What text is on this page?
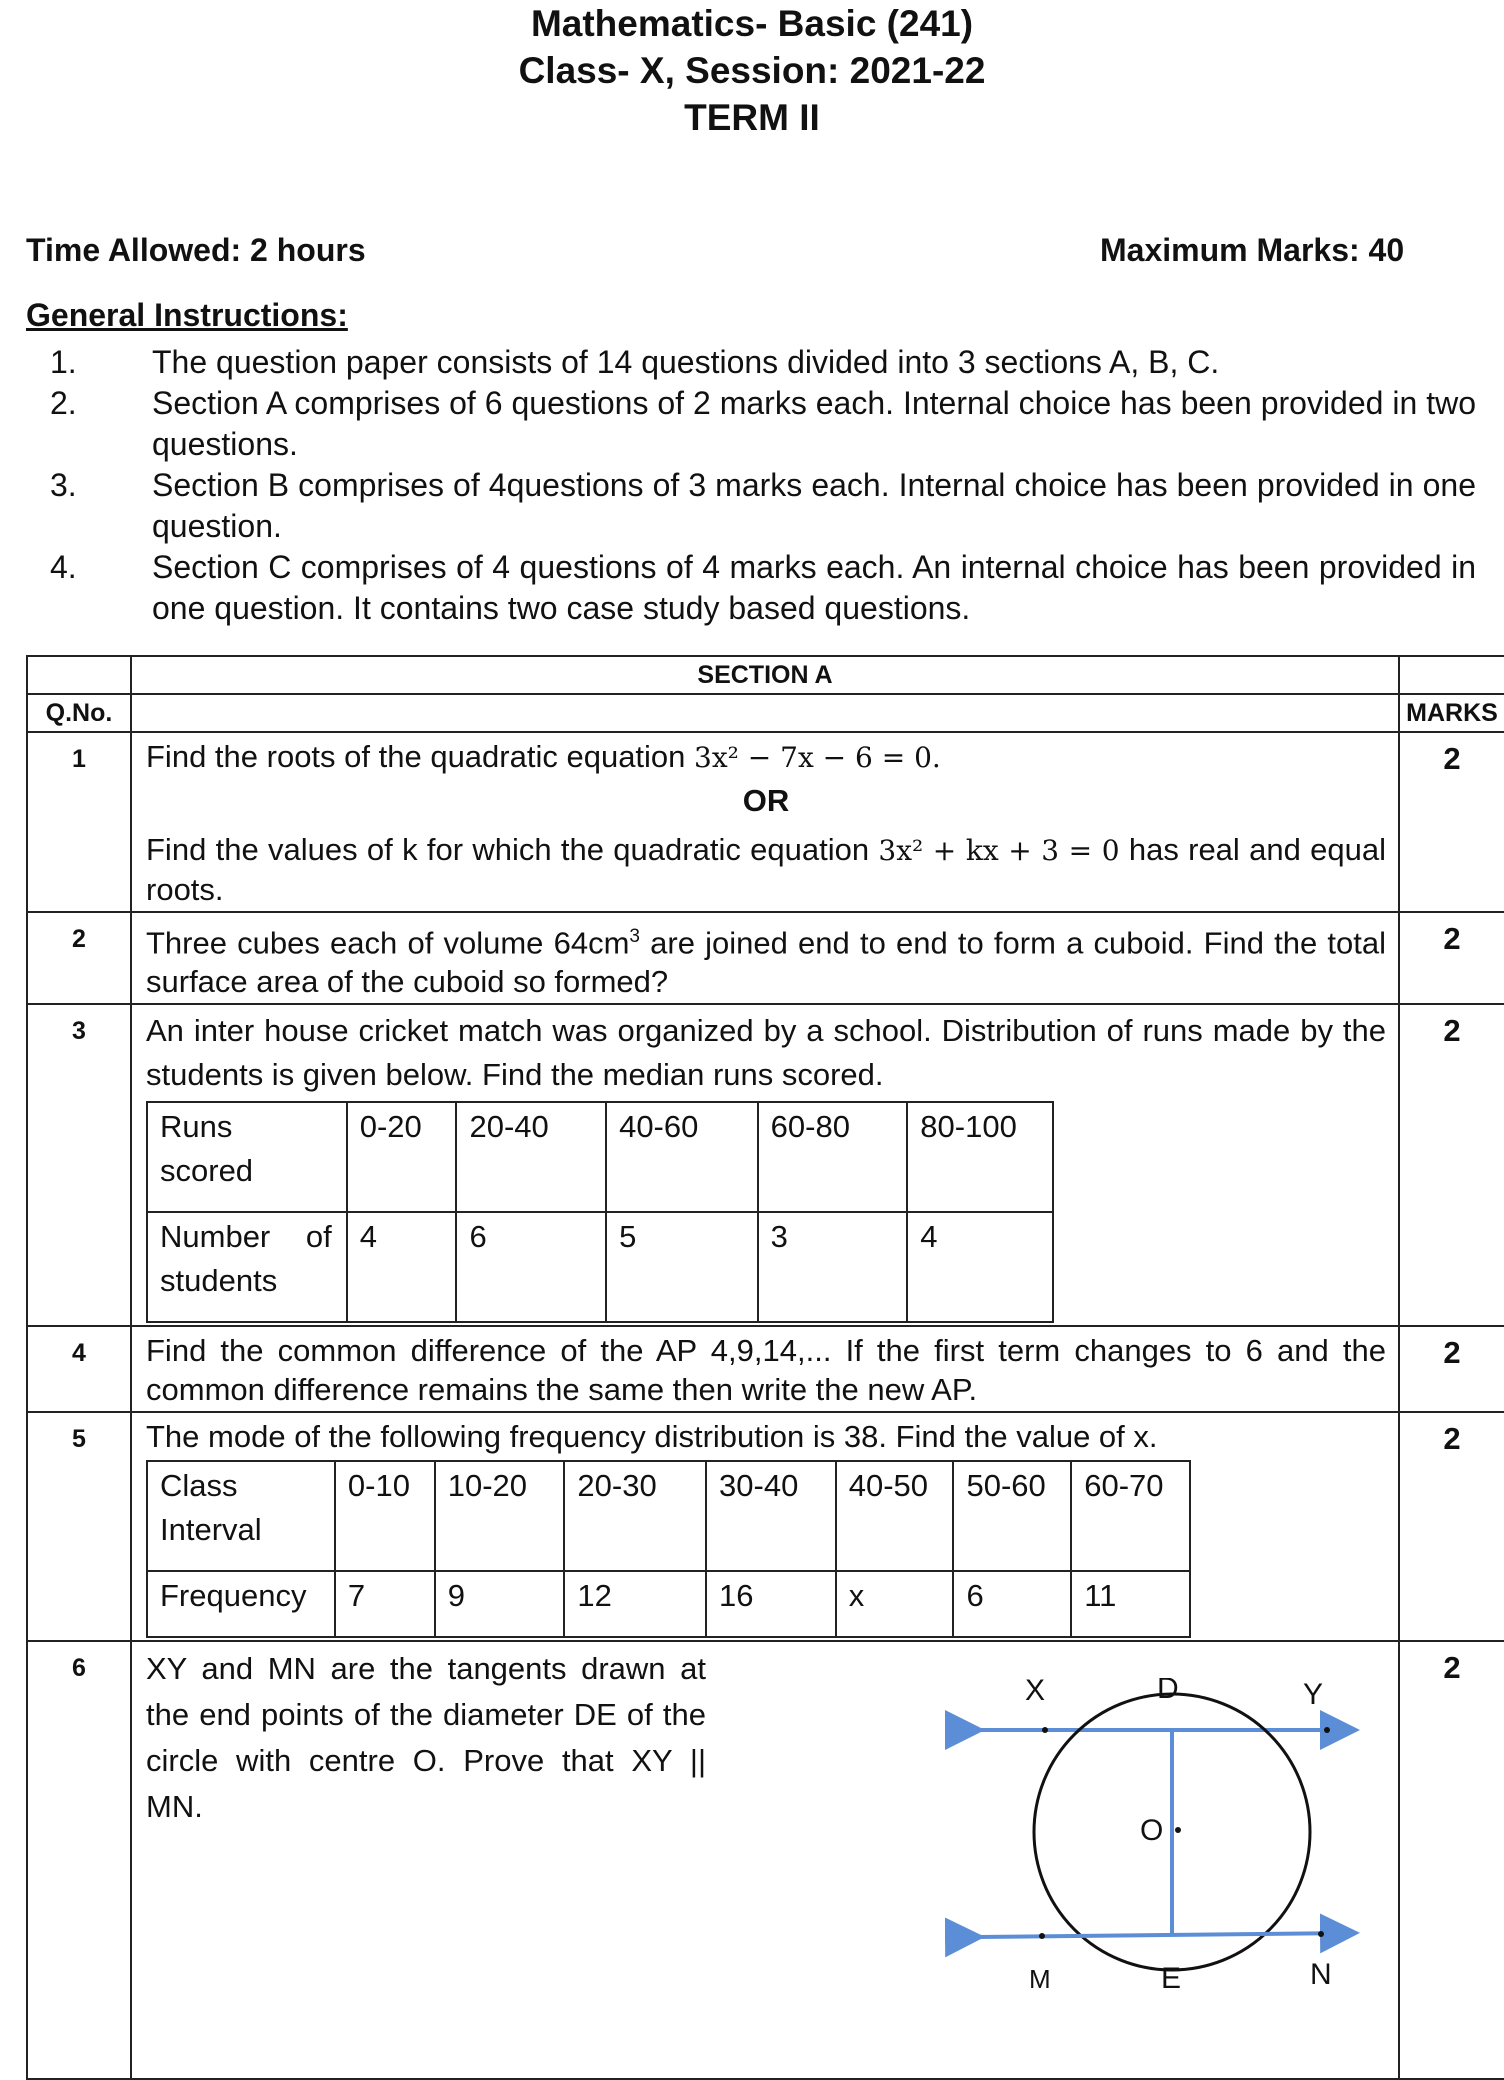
Mathematics- Basic (241)
Class- X, Session: 2021-22
TERM II
Time Allowed: 2 hours	Maximum Marks: 40
General Instructions:
1.	The question paper consists of 14 questions divided into 3 sections A, B, C.
2.	Section A comprises of 6 questions of 2 marks each. Internal choice has been provided in two questions.
3.	Section B comprises of 4questions of 3 marks each. Internal choice has been provided in one question.
4.	Section C comprises of 4 questions of 4 marks each. An internal choice has been provided in one question. It contains two case study based questions.
	SECTION A	
Q.No.		MARKS
1	Find the roots of the quadratic equation 3x² − 7x − 6 = 0.
OR
Find the values of k for which the quadratic equation 3x² + kx + 3 = 0 has real and equal roots.
	2
2	Three cubes each of volume $64cm^3$ are joined end to end to form a cuboid. Find the total surface area of the cuboid so formed?	2
3	An inter house cricket match was organized by a school. Distribution of runs made by the students is given below. Find the median runs scored.
Runs scored	0-20	20-40	40-60	60-80	80-100
Number of students	4	6	5	3	4
	2
4	Find the common difference of the AP 4,9,14,... If the first term changes to 6 and the common difference remains the same then write the new AP.	2
5	The mode of the following frequency distribution is 38. Find the value of x.
Class Interval	0-10	10-20	20-30	30-40	40-50	50-60	60-70
Frequency	7	9	12	16	x	6	11
	2
6	XY and MN are the tangents drawn at the end points of the diameter DE of the circle with centre O. Prove that XY || MN.
X	D	Y
O
M	E	N
	2
